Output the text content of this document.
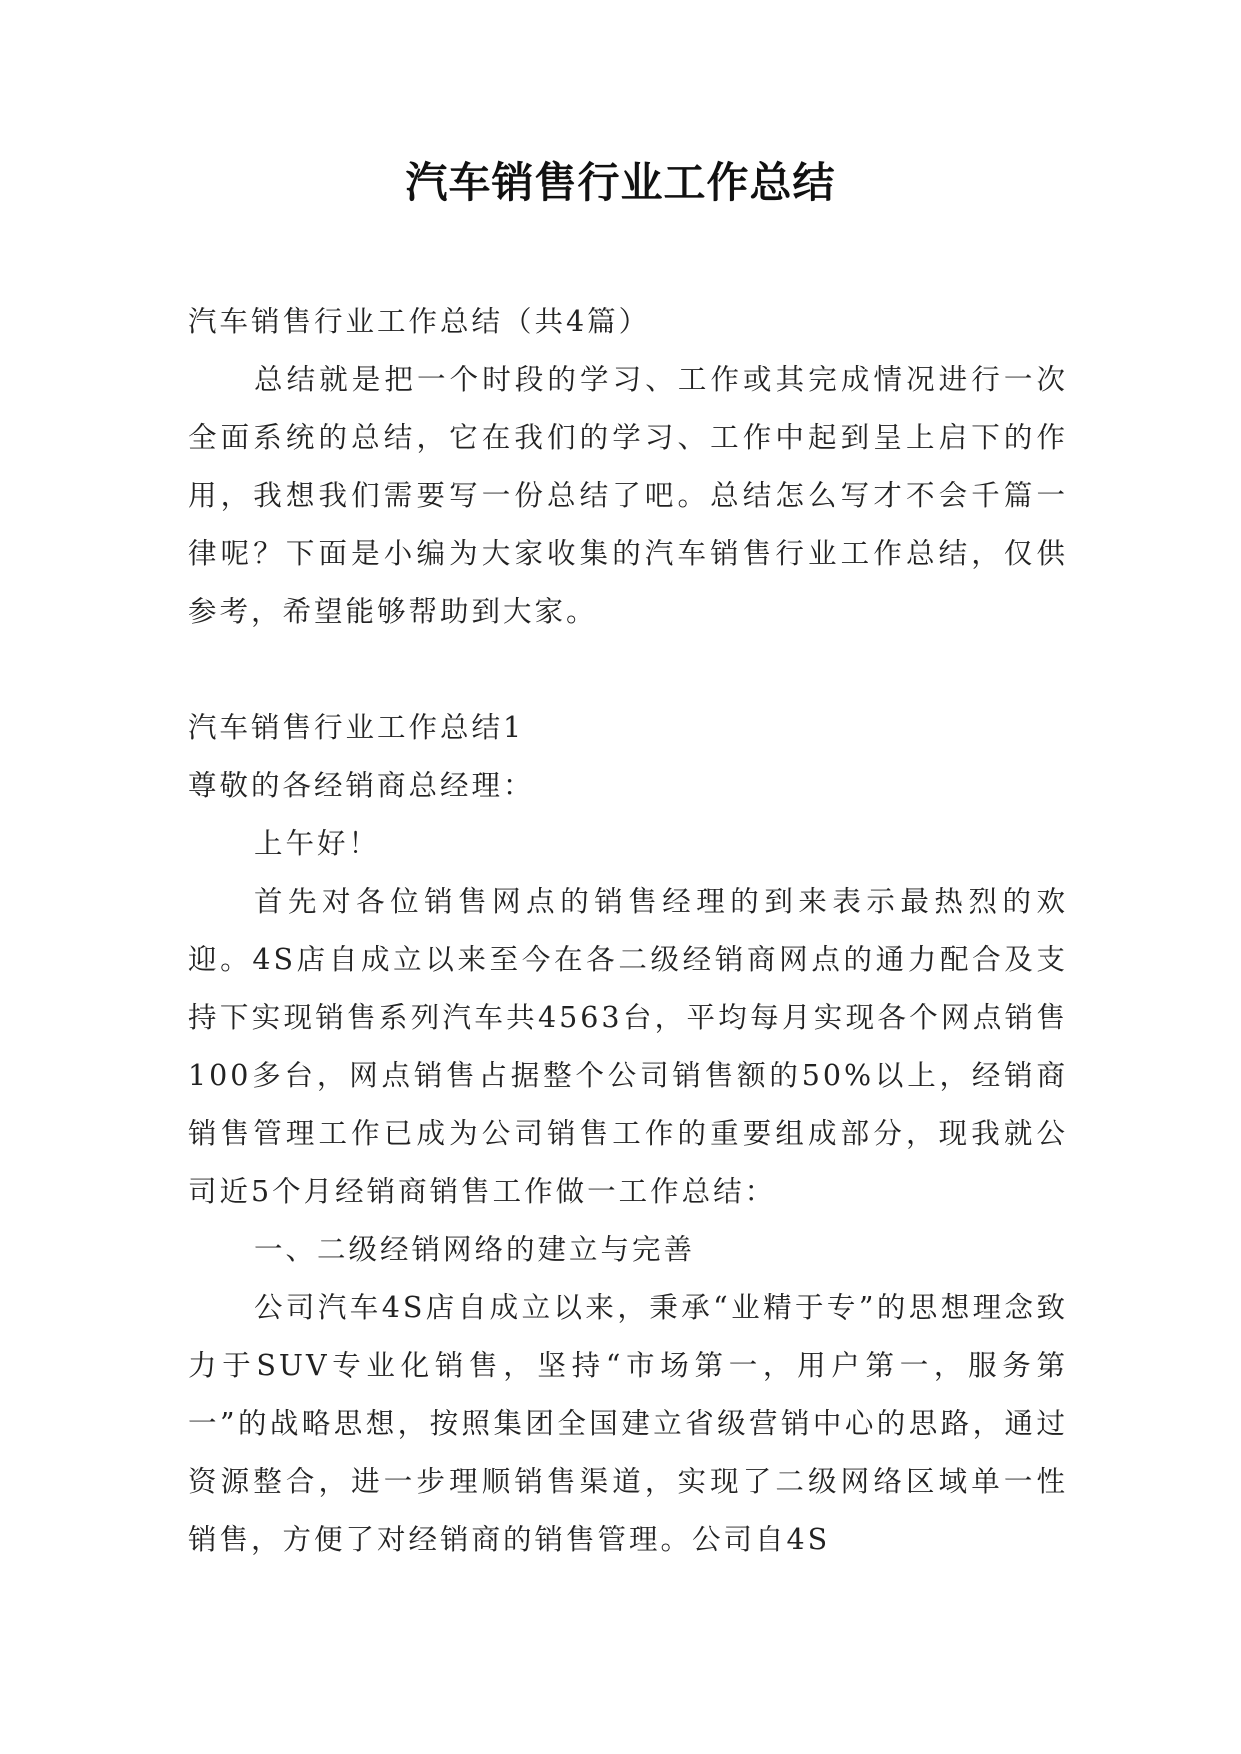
汽车销售行业工作总结

汽车销售行业工作总结（共4篇）

总结就是把一个时段的学习、工作或其完成情况进行一次全面系统的总结，它在我们的学习、工作中起到呈上启下的作用，我想我们需要写一份总结了吧。总结怎么写才不会千篇一律呢？下面是小编为大家收集的汽车销售行业工作总结，仅供参考，希望能够帮助到大家。

汽车销售行业工作总结1

尊敬的各经销商总经理：

上午好！

首先对各位销售网点的销售经理的到来表示最热烈的欢迎。4S店自成立以来至今在各二级经销商网点的通力配合及支持下实现销售系列汽车共4563台，平均每月实现各个网点销售100多台，网点销售占据整个公司销售额的50%以上，经销商销售管理工作已成为公司销售工作的重要组成部分，现我就公司近5个月经销商销售工作做一工作总结：

一、二级经销网络的建立与完善

公司汽车4S店自成立以来，秉承“业精于专”的思想理念致力于SUV专业化销售，坚持“市场第一，用户第一，服务第一”的战略思想，按照集团全国建立省级营销中心的思路，通过资源整合，进一步理顺销售渠道，实现了二级网络区域单一性销售，方便了对经销商的销售管理。公司自4S
